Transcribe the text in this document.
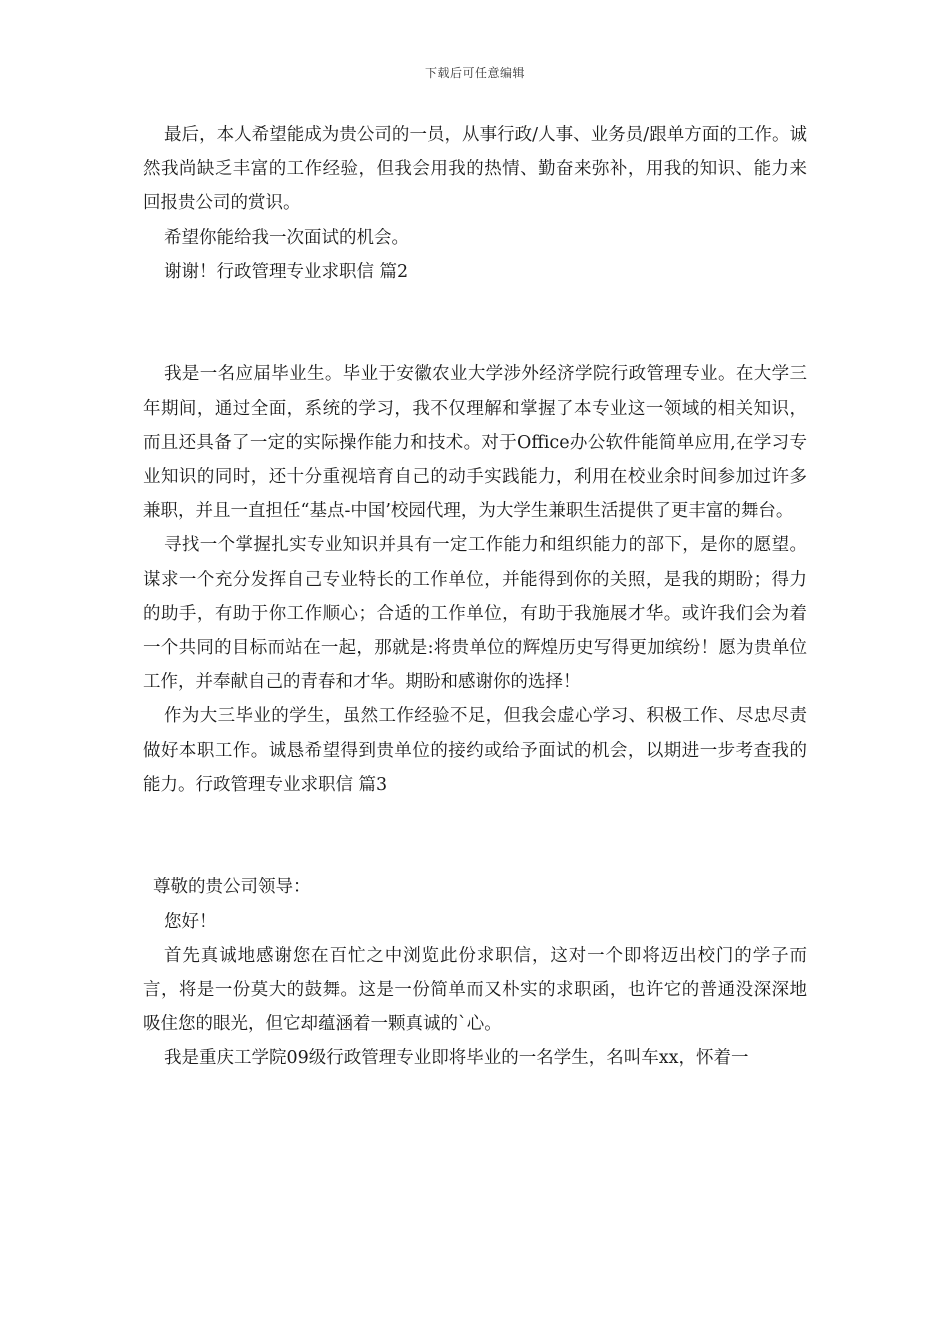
下载后可任意编辑

最后，本人希望能成为贵公司的一员，从事行政/人事、业务员/跟单方面的工作。诚然我尚缺乏丰富的工作经验，但我会用我的热情、勤奋来弥补，用我的知识、能力来回报贵公司的赏识。

希望你能给我一次面试的机会。

谢谢！行政管理专业求职信 篇2

我是一名应届毕业生。毕业于安徽农业大学涉外经济学院行政管理专业。在大学三年期间，通过全面，系统的学习，我不仅理解和掌握了本专业这一领域的相关知识，而且还具备了一定的实际操作能力和技术。对于Office办公软件能简单应用,在学习专业知识的同时，还十分重视培育自己的动手实践能力，利用在校业余时间参加过许多兼职，并且一直担任“基点-中国’校园代理，为大学生兼职生活提供了更丰富的舞台。

寻找一个掌握扎实专业知识并具有一定工作能力和组织能力的部下，是你的愿望。谋求一个充分发挥自己专业特长的工作单位，并能得到你的关照，是我的期盼；得力的助手，有助于你工作顺心；合适的工作单位，有助于我施展才华。或许我们会为着一个共同的目标而站在一起，那就是:将贵单位的辉煌历史写得更加缤纷！愿为贵单位工作，并奉献自己的青春和才华。期盼和感谢你的选择！

作为大三毕业的学生，虽然工作经验不足，但我会虚心学习、积极工作、尽忠尽责做好本职工作。诚恳希望得到贵单位的接约或给予面试的机会，以期进一步考查我的能力。行政管理专业求职信 篇3

尊敬的贵公司领导：

您好！

首先真诚地感谢您在百忙之中浏览此份求职信，这对一个即将迈出校门的学子而言，将是一份莫大的鼓舞。这是一份简单而又朴实的求职函，也许它的普通没深深地吸住您的眼光，但它却蕴涵着一颗真诚的`心。

我是重庆工学院09级行政管理专业即将毕业的一名学生，名叫车xx，怀着一
